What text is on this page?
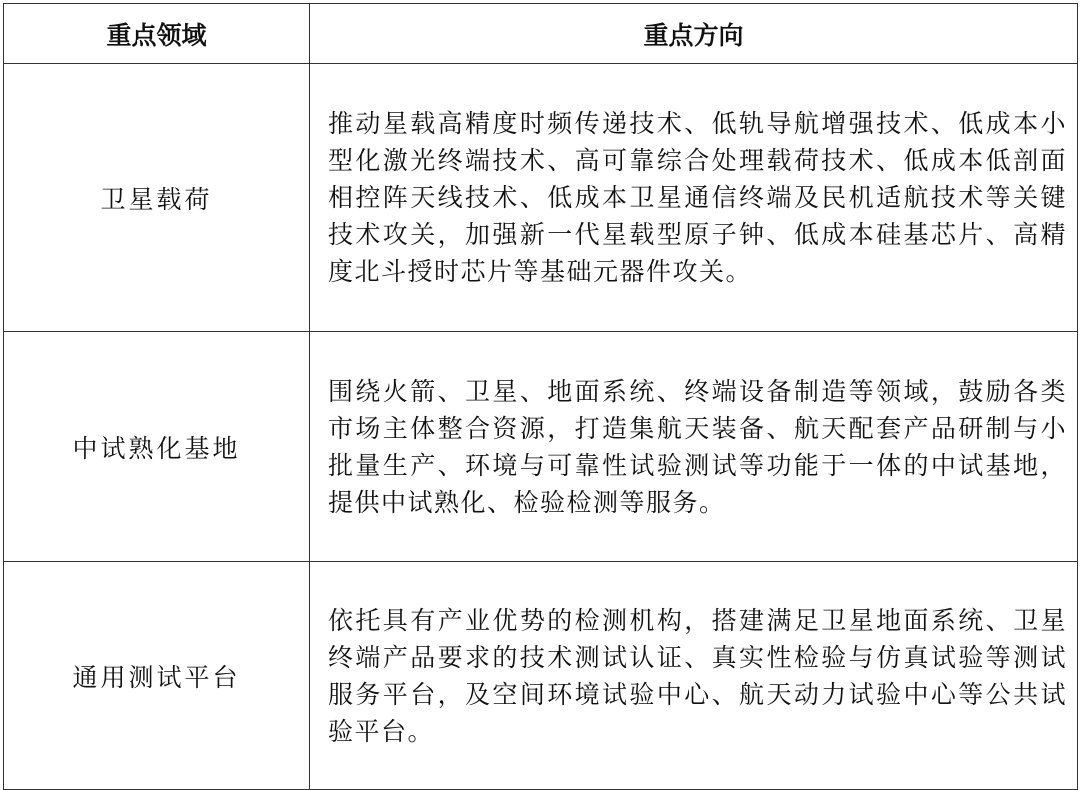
重点领域	重点方向
卫星载荷	推动星载高精度时频传递技术、低轨导航增强技术、低成本小型化激光终端技术、高可靠综合处理载荷技术、低成本低剖面相控阵天线技术、低成本卫星通信终端及民机适航技术等关键技术攻关，加强新一代星载型原子钟、低成本硅基芯片、高精度北斗授时芯片等基础元器件攻关。
中试熟化基地	围绕火箭、卫星、地面系统、终端设备制造等领域，鼓励各类市场主体整合资源，打造集航天装备、航天配套产品研制与小批量生产、环境与可靠性试验测试等功能于一体的中试基地，提供中试熟化、检验检测等服务。
通用测试平台	依托具有产业优势的检测机构，搭建满足卫星地面系统、卫星终端产品要求的技术测试认证、真实性检验与仿真试验等测试服务平台，及空间环境试验中心、航天动力试验中心等公共试验平台。
